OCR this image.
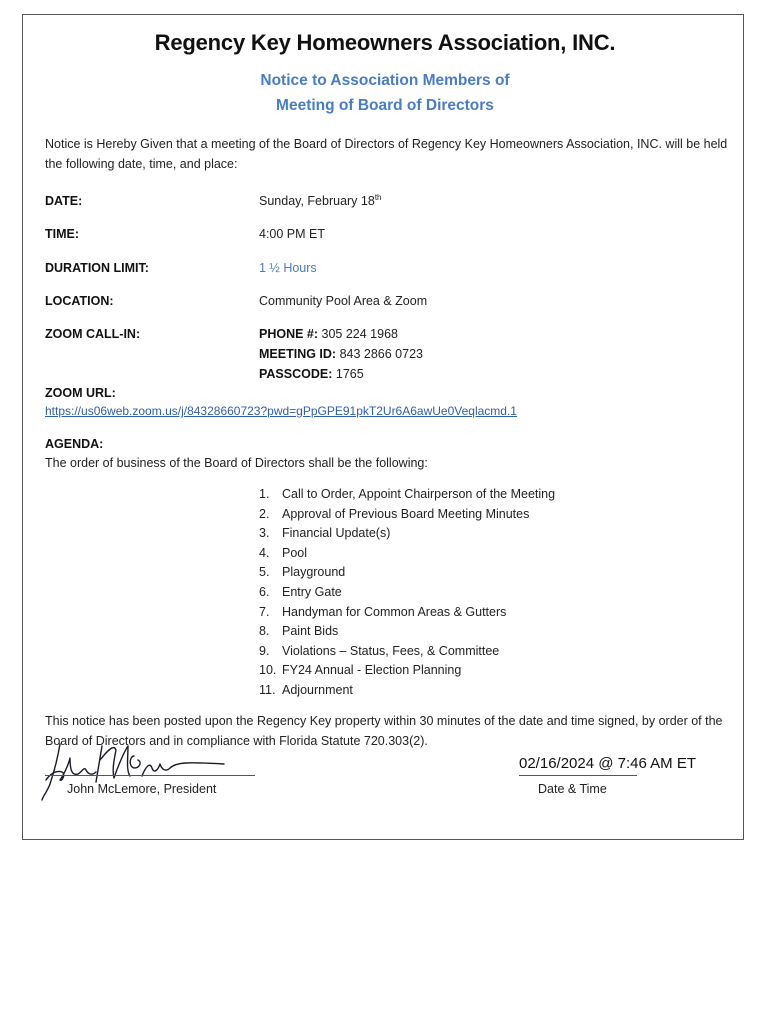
Regency Key Homeowners Association, INC.
Notice to Association Members of
Meeting of Board of Directors
Notice is Hereby Given that a meeting of the Board of Directors of Regency Key Homeowners Association, INC. will be held the following date, time, and place:
DATE:	Sunday, February 18th
TIME:	4:00 PM ET
DURATION LIMIT:	1 ½ Hours
LOCATION:	Community Pool Area & Zoom
ZOOM CALL-IN:	PHONE #: 305 224 1968
MEETING ID: 843 2866 0723
PASSCODE: 1765
ZOOM URL:
https://us06web.zoom.us/j/84328660723?pwd=gPpGPE91pkT2Ur6A6awUe0Veqlacmd.1
AGENDA:
The order of business of the Board of Directors shall be the following:
1. Call to Order, Appoint Chairperson of the Meeting
2. Approval of Previous Board Meeting Minutes
3. Financial Update(s)
4. Pool
5. Playground
6. Entry Gate
7. Handyman for Common Areas & Gutters
8. Paint Bids
9. Violations – Status, Fees, & Committee
10. FY24 Annual - Election Planning
11. Adjournment
This notice has been posted upon the Regency Key property within 30 minutes of the date and time signed, by order of the Board of Directors and in compliance with Florida Statute 720.303(2).
John McLemore, President
02/16/2024 @ 7:46 AM ET
Date & Time
